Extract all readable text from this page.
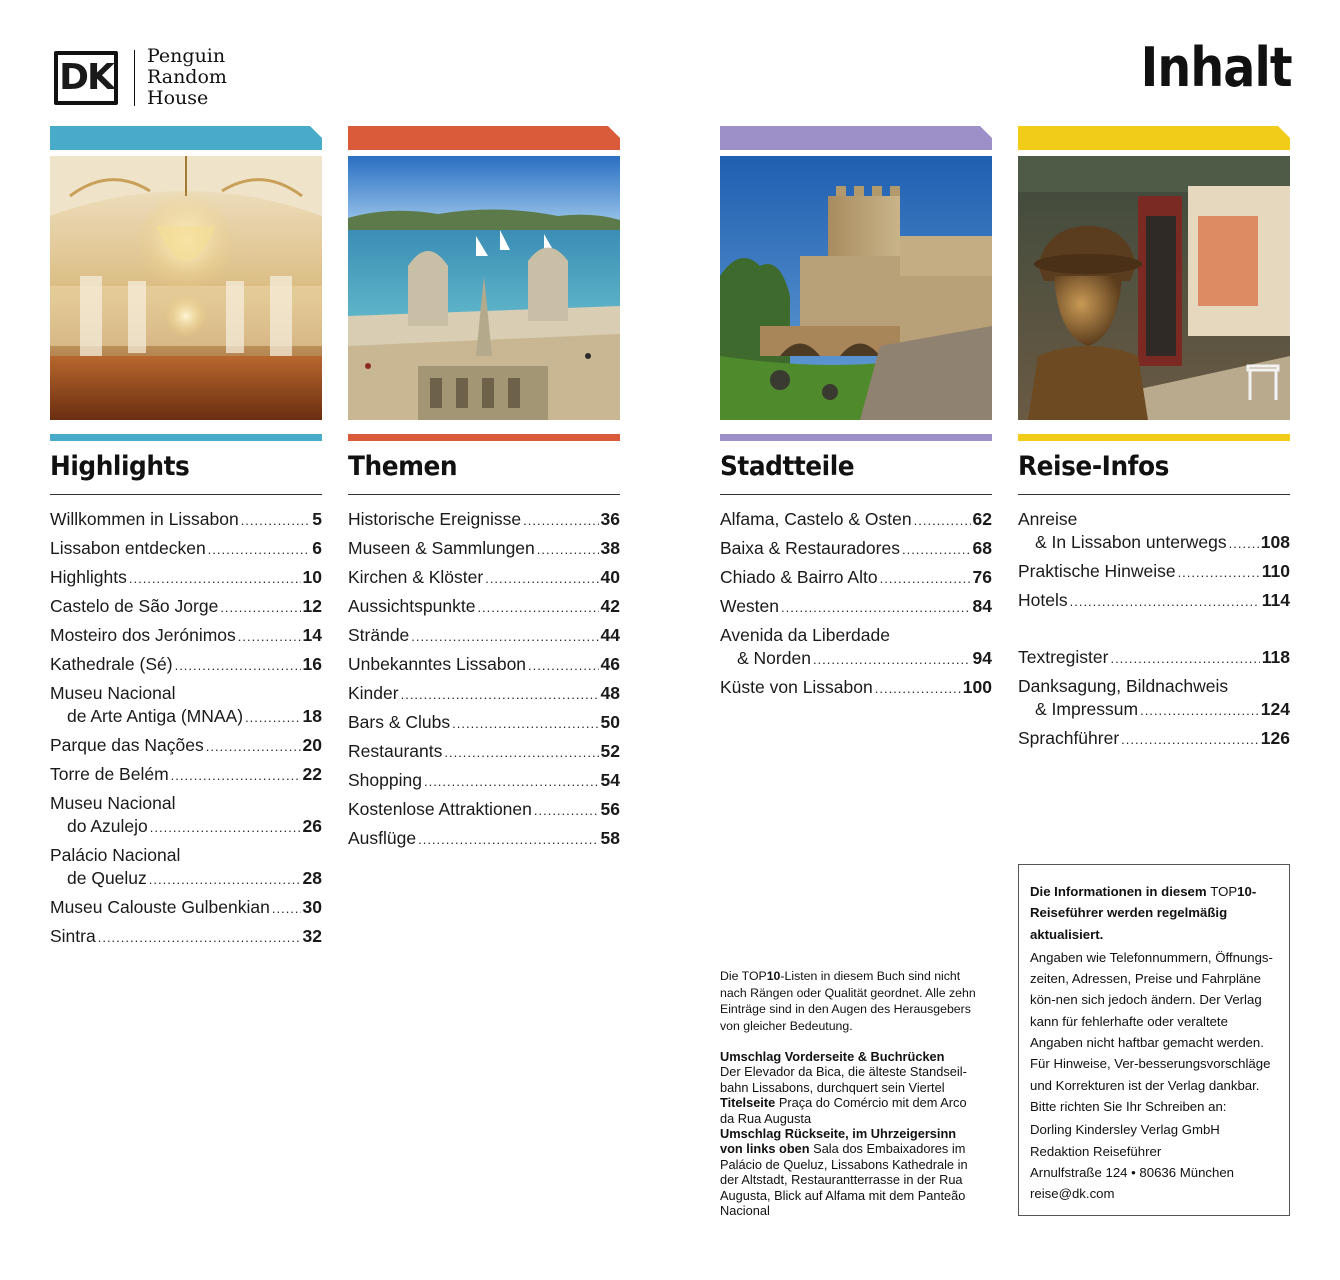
DK
Penguin
Random
House	Inhalt
Highlights
Willkommen in Lissabon .....	5
Lissabon entdecken .....	6
Highlights .....	10
Castelo de São Jorge .....	12
Mosteiro dos Jerónimos .....	14
Kathedrale (Sé) .....	16
Museu Nacional
de Arte Antiga (MNAA) .....	18
Parque das Nações .....	20
Torre de Belém .....	22
Museu Nacional
do Azulejo .....	26
Palácio Nacional
de Queluz .....	28
Museu Calouste Gulbenkian ..... 30
Sintra .....	32
Themen
Historische Ereignisse .....	36
Museen & Sammlungen .....	38
Kirchen & Klöster .....	40
Aussichtspunkte .....	42
Strände .....	44
Unbekanntes Lissabon .....	46
Kinder .....	48
Bars & Clubs .....	50
Restaurants .....	52
Shopping .....	54
Kostenlose Attraktionen .....	56
Ausflüge .....	58
Stadtteile
Alfama, Castelo & Osten .....	62
Baixa & Restauradores .....	68
Chiado & Bairro Alto .....	76
Westen .....	84
Avenida da Liberdade
& Norden .....	94
Küste von Lissabon .....	100
Reise-Infos
Anreise
& In Lissabon unterwegs ..... 108
Praktische Hinweise .....	110
Hotels .....	114
Textregister .....	118
Danksagung, Bildnachweis
& Impressum .....	124
Sprachführer .....	126

Die TOP10-Listen in diesem Buch sind nicht nach Rängen oder Qualität geordnet. Alle zehn Einträge sind in den Augen des Herausgebers von gleicher Bedeutung.

Umschlag Vorderseite & Buchrücken
Der Elevador da Bica, die älteste Standseil-bahn Lissabons, durchquert sein Viertel

Titelseite Praça do Comércio mit dem Arco da Rua Augusta

Umschlag Rückseite, im Uhrzeigersinn von links oben Sala dos Embaixadores im Palácio de Queluz, Lissabons Kathedrale in der Altstadt, Restaurantterrasse in der Rua Augusta, Blick auf Alfama mit dem Panteão Nacional

Die Informationen in diesem TOP10-Reiseführer werden regelmäßig aktualisiert.

Angaben wie Telefonnummern, Öffnungs-zeiten, Adressen, Preise und Fahrpläne kön-nen sich jedoch ändern. Der Verlag kann für fehlerhafte oder veraltete Angaben nicht haftbar gemacht werden. Für Hinweise, Ver-besserungsvorschläge und Korrekturen ist der Verlag dankbar. Bitte richten Sie Ihr Schreiben an:

Dorling Kindersley Verlag GmbH

Redaktion Reiseführer

Arnulfstraße 124 • 80636 München

reise@dk.com
